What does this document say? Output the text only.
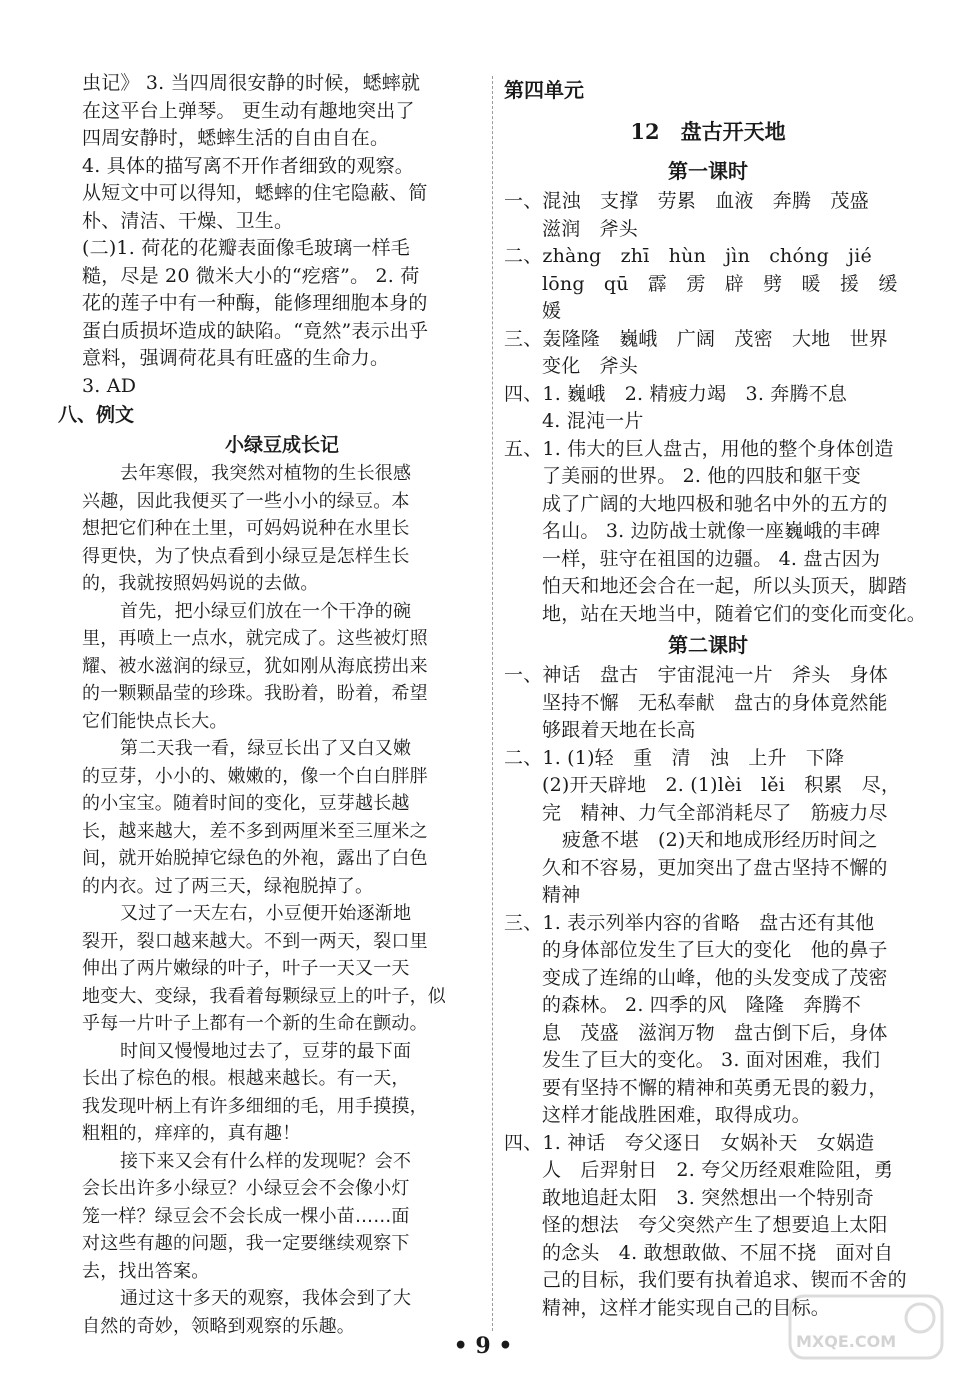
虫记》 3. 当四周很安静的时候，蟋蟀就
在这平台上弹琴。 更生动有趣地突出了
四周安静时，蟋蟀生活的自由自在。
4. 具体的描写离不开作者细致的观察。
从短文中可以得知，蟋蟀的住宅隐蔽、简
朴、清洁、干燥、卫生。
(二)1. 荷花的花瓣表面像毛玻璃一样毛
糙，尽是 20 微米大小的“疙瘩”。 2. 荷
花的莲子中有一种酶，能修理细胞本身的
蛋白质损坏造成的缺陷。“竟然”表示出乎
意料，强调荷花具有旺盛的生命力。
3. AD
八、例文
小绿豆成长记
去年寒假，我突然对植物的生长很感
兴趣，因此我便买了一些小小的绿豆。本
想把它们种在土里，可妈妈说种在水里长
得更快，为了快点看到小绿豆是怎样生长
的，我就按照妈妈说的去做。
首先，把小绿豆们放在一个干净的碗
里，再喷上一点水，就完成了。这些被灯照
耀、被水滋润的绿豆，犹如刚从海底捞出来
的一颗颗晶莹的珍珠。我盼着，盼着，希望
它们能快点长大。
第二天我一看，绿豆长出了又白又嫩
的豆芽，小小的、嫩嫩的，像一个白白胖胖
的小宝宝。随着时间的变化，豆芽越长越
长，越来越大，差不多到两厘米至三厘米之
间，就开始脱掉它绿色的外袍，露出了白色
的内衣。过了两三天，绿袍脱掉了。
又过了一天左右，小豆便开始逐渐地
裂开，裂口越来越大。不到一两天，裂口里
伸出了两片嫩绿的叶子，叶子一天又一天
地变大、变绿，我看着每颗绿豆上的叶子，似
乎每一片叶子上都有一个新的生命在颤动。
时间又慢慢地过去了，豆芽的最下面
长出了棕色的根。根越来越长。有一天，
我发现叶柄上有许多细细的毛，用手摸摸，
粗粗的，痒痒的，真有趣！
接下来又会有什么样的发现呢？会不
会长出许多小绿豆？小绿豆会不会像小灯
笼一样？绿豆会不会长成一棵小苗……面
对这些有趣的问题，我一定要继续观察下
去，找出答案。
通过这十多天的观察，我体会到了大
自然的奇妙，领略到观察的乐趣。
第四单元
12　盘古开天地
第一课时
一、混浊　支撑　劳累　血液　奔腾　茂盛
滋润　斧头
二、zhàng　zhī　hùn　jìn　chóng　jié
lōng　qū　霹　雳　辟　劈　暖　援　缓
媛
三、轰隆隆　巍峨　广阔　茂密　大地　世界
变化　斧头
四、1. 巍峨　2. 精疲力竭　3. 奔腾不息
4. 混沌一片
五、1. 伟大的巨人盘古，用他的整个身体创造
了美丽的世界。 2. 他的四肢和躯干变
成了广阔的大地四极和驰名中外的五方的
名山。 3. 边防战士就像一座巍峨的丰碑
一样，驻守在祖国的边疆。 4. 盘古因为
怕天和地还会合在一起，所以头顶天，脚踏
地，站在天地当中，随着它们的变化而变化。
第二课时
一、神话　盘古　宇宙混沌一片　斧头　身体
坚持不懈　无私奉献　盘古的身体竟然能
够跟着天地在长高
二、1. (1)轻　重　清　浊　上升　下降
(2)开天辟地　2. (1)lèi　lěi　积累　尽，
完　精神、力气全部消耗尽了　筋疲力尽
疲惫不堪　(2)天和地成形经历时间之
久和不容易，更加突出了盘古坚持不懈的
精神
三、1. 表示列举内容的省略　盘古还有其他
的身体部位发生了巨大的变化　他的鼻子
变成了连绵的山峰，他的头发变成了茂密
的森林。 2. 四季的风　隆隆　奔腾不
息　茂盛　滋润万物　盘古倒下后，身体
发生了巨大的变化。 3. 面对困难，我们
要有坚持不懈的精神和英勇无畏的毅力，
这样才能战胜困难，取得成功。
四、1. 神话　夸父逐日　女娲补天　女娲造
人　后羿射日　2. 夸父历经艰难险阻，勇
敢地追赶太阳　3. 突然想出一个特别奇
怪的想法　夸父突然产生了想要追上太阳
的念头　4. 敢想敢做、不屈不挠　面对自
己的目标，我们要有执着追求、锲而不舍的
精神，这样才能实现自己的目标。
• 9 •	MXQE.COM
